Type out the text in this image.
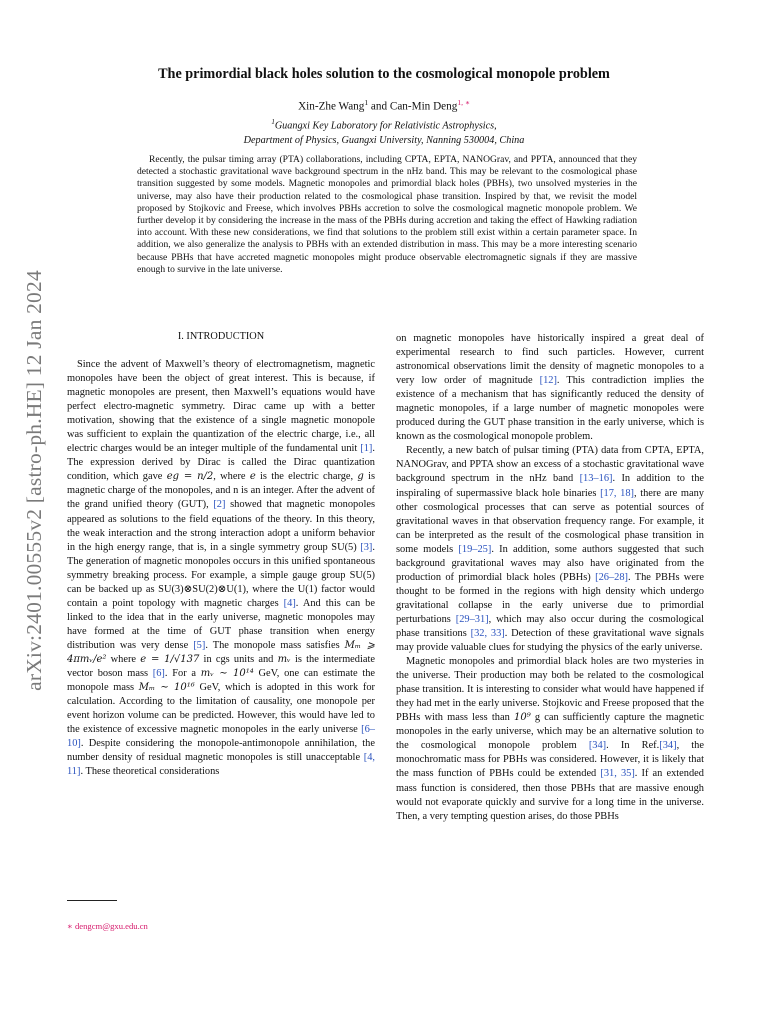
arXiv:2401.00555v2 [astro-ph.HE] 12 Jan 2024
The primordial black holes solution to the cosmological monopole problem
Xin-Zhe Wang$^1$ and Can-Min Deng$^{1, ∗}$
$^1$Guangxi Key Laboratory for Relativistic Astrophysics,
Department of Physics, Guangxi University, Nanning 530004, China
Recently, the pulsar timing array (PTA) collaborations, including CPTA, EPTA, NANOGrav, and PPTA, announced that they detected a stochastic gravitational wave background spectrum in the nHz band. This may be relevant to the cosmological phase transition suggested by some models. Magnetic monopoles and primordial black holes (PBHs), two unsolved mysteries in the universe, may also have their production related to the cosmological phase transition. Inspired by that, we revisit the model proposed by Stojkovic and Freese, which involves PBHs accretion to solve the cosmological magnetic monopole problem. We further develop it by considering the increase in the mass of the PBHs during accretion and taking the effect of Hawking radiation into account. With these new considerations, we find that solutions to the problem still exist within a certain parameter space. In addition, we also generalize the analysis to PBHs with an extended distribution in mass. This may be a more interesting scenario because PBHs that have accreted magnetic monopoles might produce observable electromagnetic signals if they are massive enough to survive in the late universe.
I. INTRODUCTION

Since the advent of Maxwell’s theory of electromagnetism, magnetic monopoles have been the object of great interest. This is because, if magnetic monopoles are present, then Maxwell’s equations would have perfect electro-magnetic symmetry. Dirac came up with a better motivation, showing that the existence of a single magnetic monopole was sufficient to explain the quantization of the electric charge, i.e., all electric charges would be an integer multiple of the fundamental unit [1]. The expression derived by Dirac is called the Dirac quantization condition, which gave eg = n/2, where e is the electric charge, g is magnetic charge of the monopoles, and n is an integer. After the advent of the grand unified theory (GUT), [2] showed that magnetic monopoles appeared as solutions to the field equations of the theory. In this theory, the weak interaction and the strong interaction adopt a uniform behavior in the high energy range, that is, in a single symmetry group SU(5) [3]. The generation of magnetic monopoles occurs in this unified spontaneous symmetry breaking process. For example, a simple gauge group SU(5) can be backed up as SU(3)⊗SU(2)⊗U(1), where the U(1) factor would contain a point topology with magnetic charges [4]. And this can be linked to the idea that in the early universe, magnetic monopoles may have formed at the time of GUT phase transition when energy distribution was very dense [5]. The monopole mass satisfies Mₘ ⩾ 4πmᵥ/e² where e = 1/√137 in cgs units and mᵥ is the intermediate vector boson mass [6]. For a mᵥ ∼ 10¹⁴ GeV, one can estimate the monopole mass Mₘ ∼ 10¹⁶ GeV, which is adopted in this work for calculation. According to the limitation of causality, one monopole per event horizon volume can be predicted. However, this would have led to the existence of excessive magnetic monopoles in the early universe [6–10]. Despite considering the monopole-antimonopole annihilation, the number density of residual magnetic monopoles is still unacceptable [4, 11]. These theoretical considerations

on magnetic monopoles have historically inspired a great deal of experimental research to find such particles. However, current astronomical observations limit the density of magnetic monopoles to a very low order of magnitude [12]. This contradiction implies the existence of a mechanism that has significantly reduced the density of magnetic monopoles, if a large number of magnetic monopoles were produced during the GUT phase transition in the early universe, which is known as the cosmological monopole problem.

Recently, a new batch of pulsar timing (PTA) data from CPTA, EPTA, NANOGrav, and PPTA show an excess of a stochastic gravitational wave background spectrum in the nHz band [13–16]. In addition to the inspiraling of supermassive black hole binaries [17, 18], there are many other cosmological processes that can serve as potential sources of gravitational waves in that observation frequency range. For example, it can be interpreted as the result of the cosmological phase transition in some models [19–25]. In addition, some authors suggested that such background gravitational waves may also have originated from the production of primordial black holes (PBHs) [26–28]. The PBHs were thought to be formed in the regions with high density which undergo gravitational collapse in the early universe due to primordial perturbations [29–31], which may also occur during the cosmological phase transitions [32, 33]. Detection of these gravitational wave signals may provide valuable clues for studying the physics of the early universe.

Magnetic monopoles and primordial black holes are two mysteries in the universe. Their production may both be related to the cosmological phase transition. It is interesting to consider what would have happened if they had met in the early universe. Stojkovic and Freese proposed that the PBHs with mass less than 10⁹ g can sufficiently capture the magnetic monopoles in the early universe, which may be an alternative solution to the cosmological monopole problem [34]. In Ref.[34], the monochromatic mass for PBHs was considered. However, it is likely that the mass function of PBHs could be extended [31, 35]. If an extended mass function is considered, then those PBHs that are massive enough would not evaporate quickly and survive for a long time in the universe. Then, a very tempting question arises, do those PBHs

∗ dengcm@gxu.edu.cn
